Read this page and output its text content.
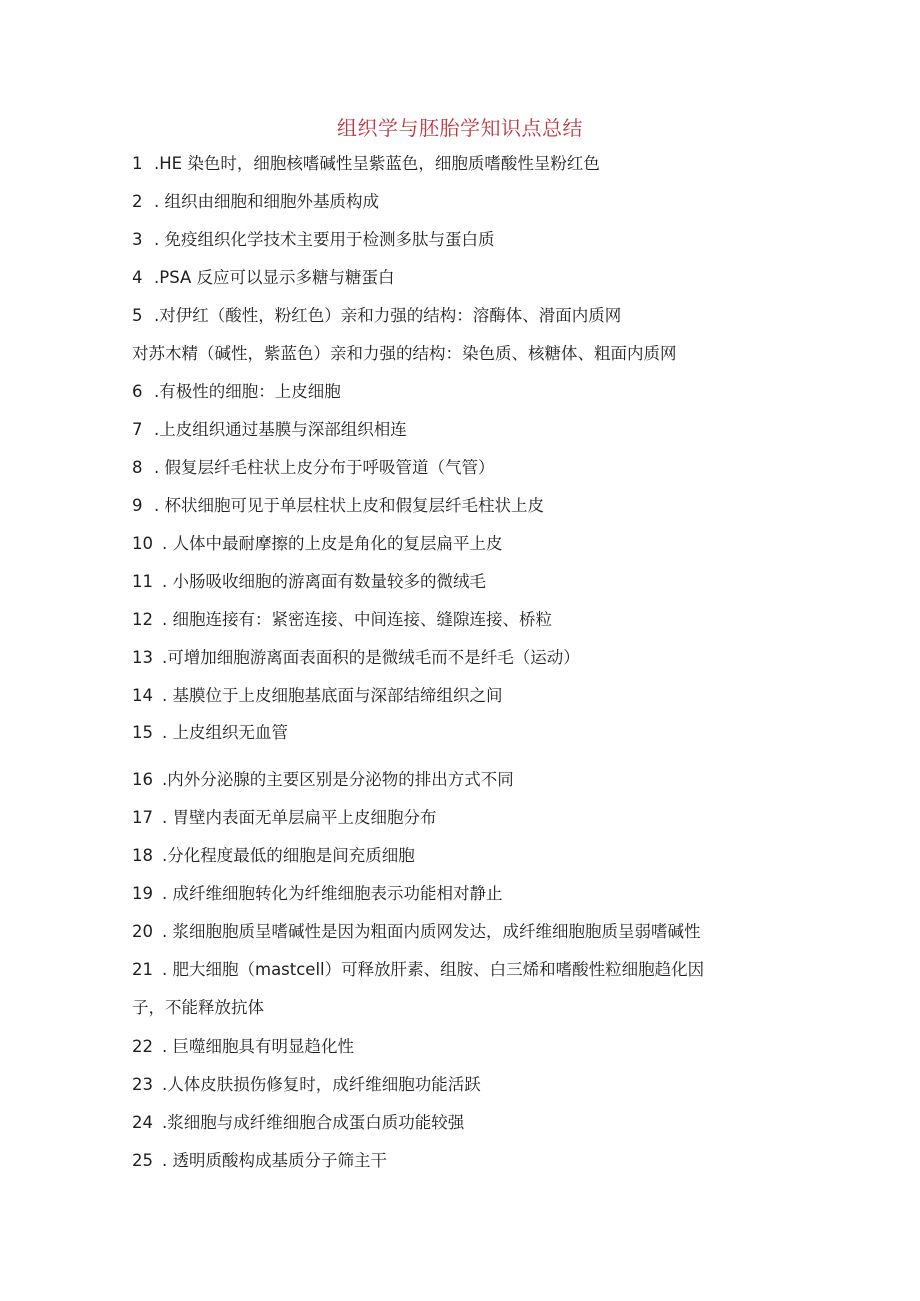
组织学与胚胎学知识点总结
1 .HE 染色时，细胞核嗜碱性呈紫蓝色，细胞质嗜酸性呈粉红色
2 . 组织由细胞和细胞外基质构成
3 . 免疫组织化学技术主要用于检测多肽与蛋白质
4 .PSA 反应可以显示多糖与糖蛋白
5 .对伊红（酸性，粉红色）亲和力强的结构：溶酶体、滑面内质网
对苏木精（碱性，紫蓝色）亲和力强的结构：染色质、核糖体、粗面内质网
6 .有极性的细胞：上皮细胞
7 .上皮组织通过基膜与深部组织相连
8 . 假复层纤毛柱状上皮分布于呼吸管道（气管）
9 . 杯状细胞可见于单层柱状上皮和假复层纤毛柱状上皮
10 . 人体中最耐摩擦的上皮是角化的复层扁平上皮
11 . 小肠吸收细胞的游离面有数量较多的微绒毛
12 . 细胞连接有：紧密连接、中间连接、缝隙连接、桥粒
13 .可增加细胞游离面表面积的是微绒毛而不是纤毛（运动）
14 . 基膜位于上皮细胞基底面与深部结缔组织之间
15 . 上皮组织无血管
16 .内外分泌腺的主要区别是分泌物的排出方式不同
17 . 胃壁内表面无单层扁平上皮细胞分布
18 .分化程度最低的细胞是间充质细胞
19 . 成纤维细胞转化为纤维细胞表示功能相对静止
20 . 浆细胞胞质呈嗜碱性是因为粗面内质网发达，成纤维细胞胞质呈弱嗜碱性
21 . 肥大细胞（mastcell）可释放肝素、组胺、白三烯和嗜酸性粒细胞趋化因
子，不能释放抗体
22 . 巨噬细胞具有明显趋化性
23 .人体皮肤损伤修复时，成纤维细胞功能活跃
24 .浆细胞与成纤维细胞合成蛋白质功能较强
25 . 透明质酸构成基质分子筛主干
